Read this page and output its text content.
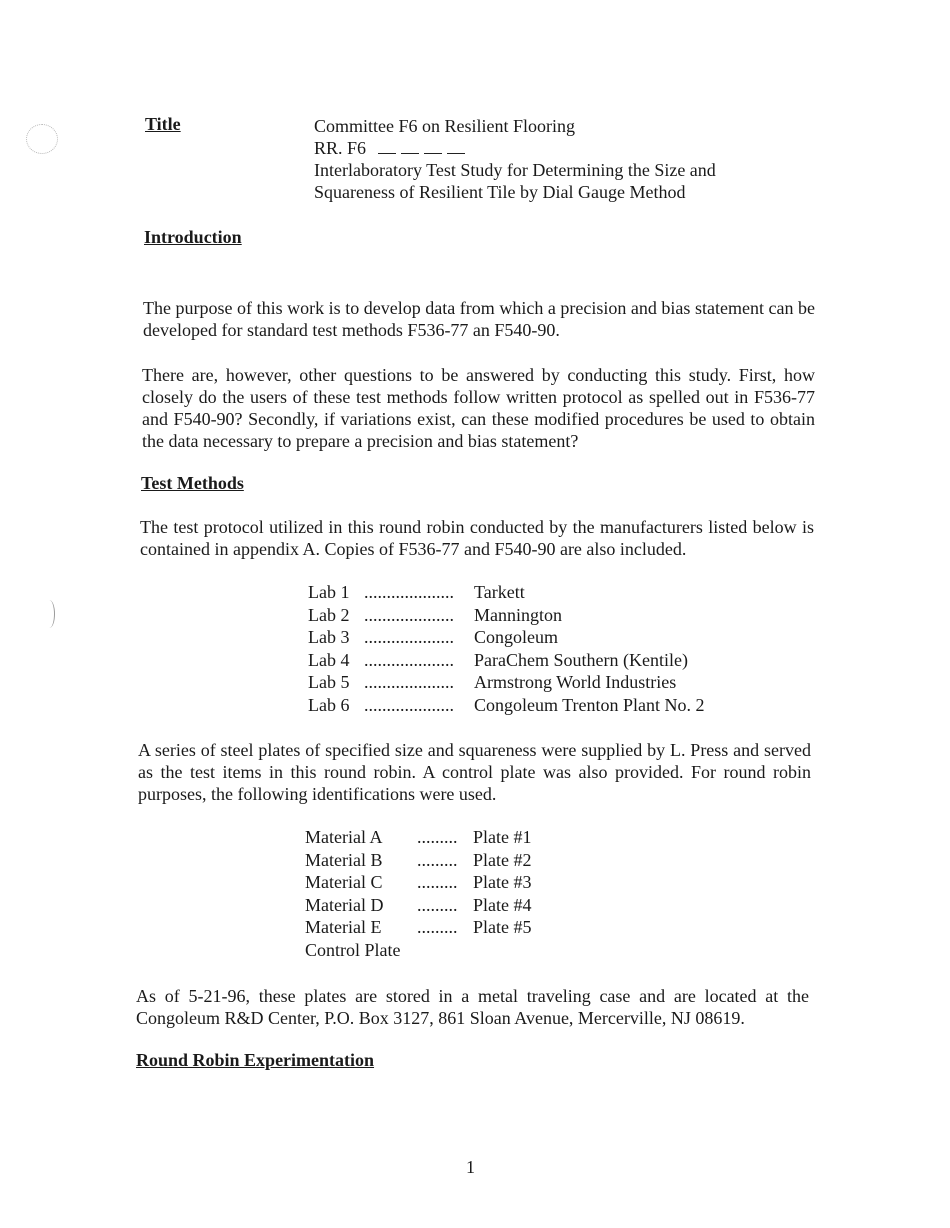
Title	Committee F6 on Resilient Flooring
RR. F6
Interlaboratory Test Study for Determining the Size and
Squareness of Resilient Tile by Dial Gauge Method
Introduction

The purpose of this work is to develop data from which a precision and bias statement can be developed for standard test methods F536-77 an F540-90.

There are, however, other questions to be answered by conducting this study. First, how closely do the users of these test methods follow written protocol as spelled out in F536-77 and F540-90? Secondly, if variations exist, can these modified procedures be used to obtain the data necessary to prepare a precision and bias statement?

Test Methods

The test protocol utilized in this round robin conducted by the manufacturers listed below is contained in appendix A. Copies of F536-77 and F540-90 are also included.

Lab 1	....................	Tarkett
Lab 2	....................	Mannington
Lab 3	....................	Congoleum
Lab 4	....................	ParaChem Southern (Kentile)
Lab 5	....................	Armstrong World Industries
Lab 6	....................	Congoleum Trenton Plant No. 2

A series of steel plates of specified size and squareness were supplied by L. Press and served as the test items in this round robin. A control plate was also provided. For round robin purposes, the following identifications were used.

Material A	.........	Plate #1
Material B	.........	Plate #2
Material C	.........	Plate #3
Material D	.........	Plate #4
Material E	.........	Plate #5
Control Plate		

As of 5-21-96, these plates are stored in a metal traveling case and are located at the Congoleum R&D Center, P.O. Box 3127, 861 Sloan Avenue, Mercerville, NJ 08619.

Round Robin Experimentation
1
